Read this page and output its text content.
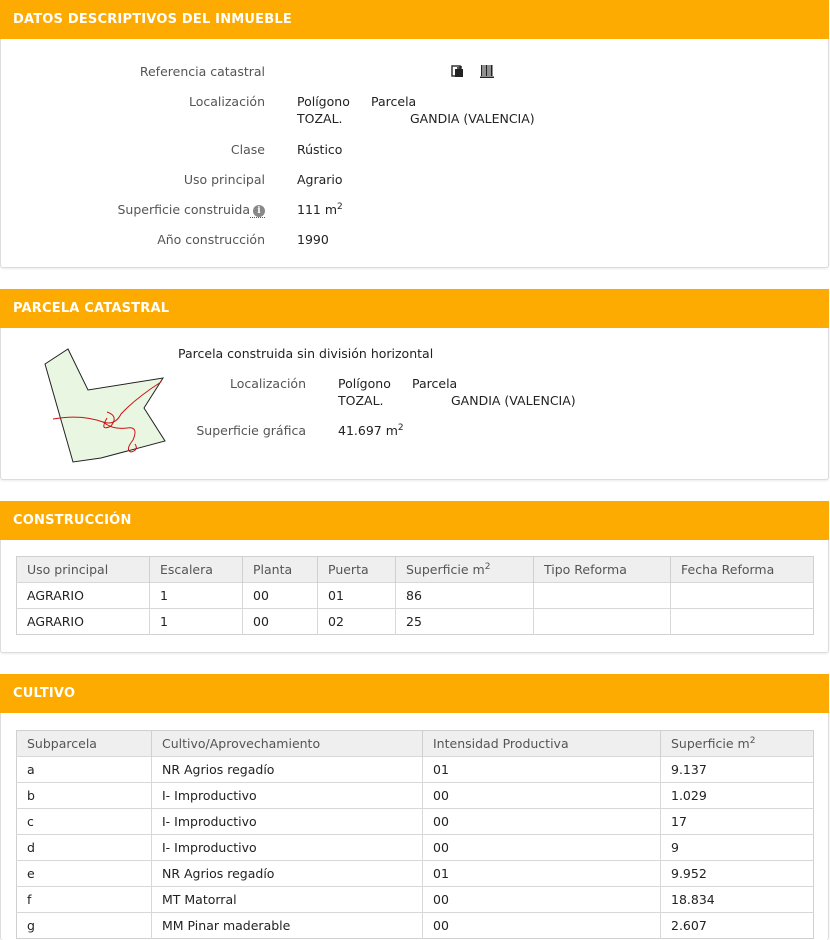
DATOS DESCRIPTIVOS DEL INMUEBLE
Referencia catastral
Localización	Polígono Parcela
TOZAL.	GANDIA (VALENCIA)
Clase	Rústico
Uso principal	Agrario
Superficie construida i	111 $m^2$
Año construcción	1990
PARCELA CATASTRAL
Parcela construida sin división horizontal
Localización	Polígono Parcela
TOZAL.	GANDIA (VALENCIA)
Superficie gráfica	41.697 $m^2$
CONSTRUCCIÓN
Uso principal	Escalera	Planta	Puerta	Superficie $m^2$	Tipo Reforma	Fecha Reforma
AGRARIO	1	00	01	86		
AGRARIO	1	00	02	25		
CULTIVO
Subparcela	Cultivo/Aprovechamiento	Intensidad Productiva	Superficie $m^2$
a	NR Agrios regadío	01	9.137
b	I- Improductivo	00	1.029
c	I- Improductivo	00	17
d	I- Improductivo	00	9
e	NR Agrios regadío	01	9.952
f	MT Matorral	00	18.834
g	MM Pinar maderable	00	2.607
